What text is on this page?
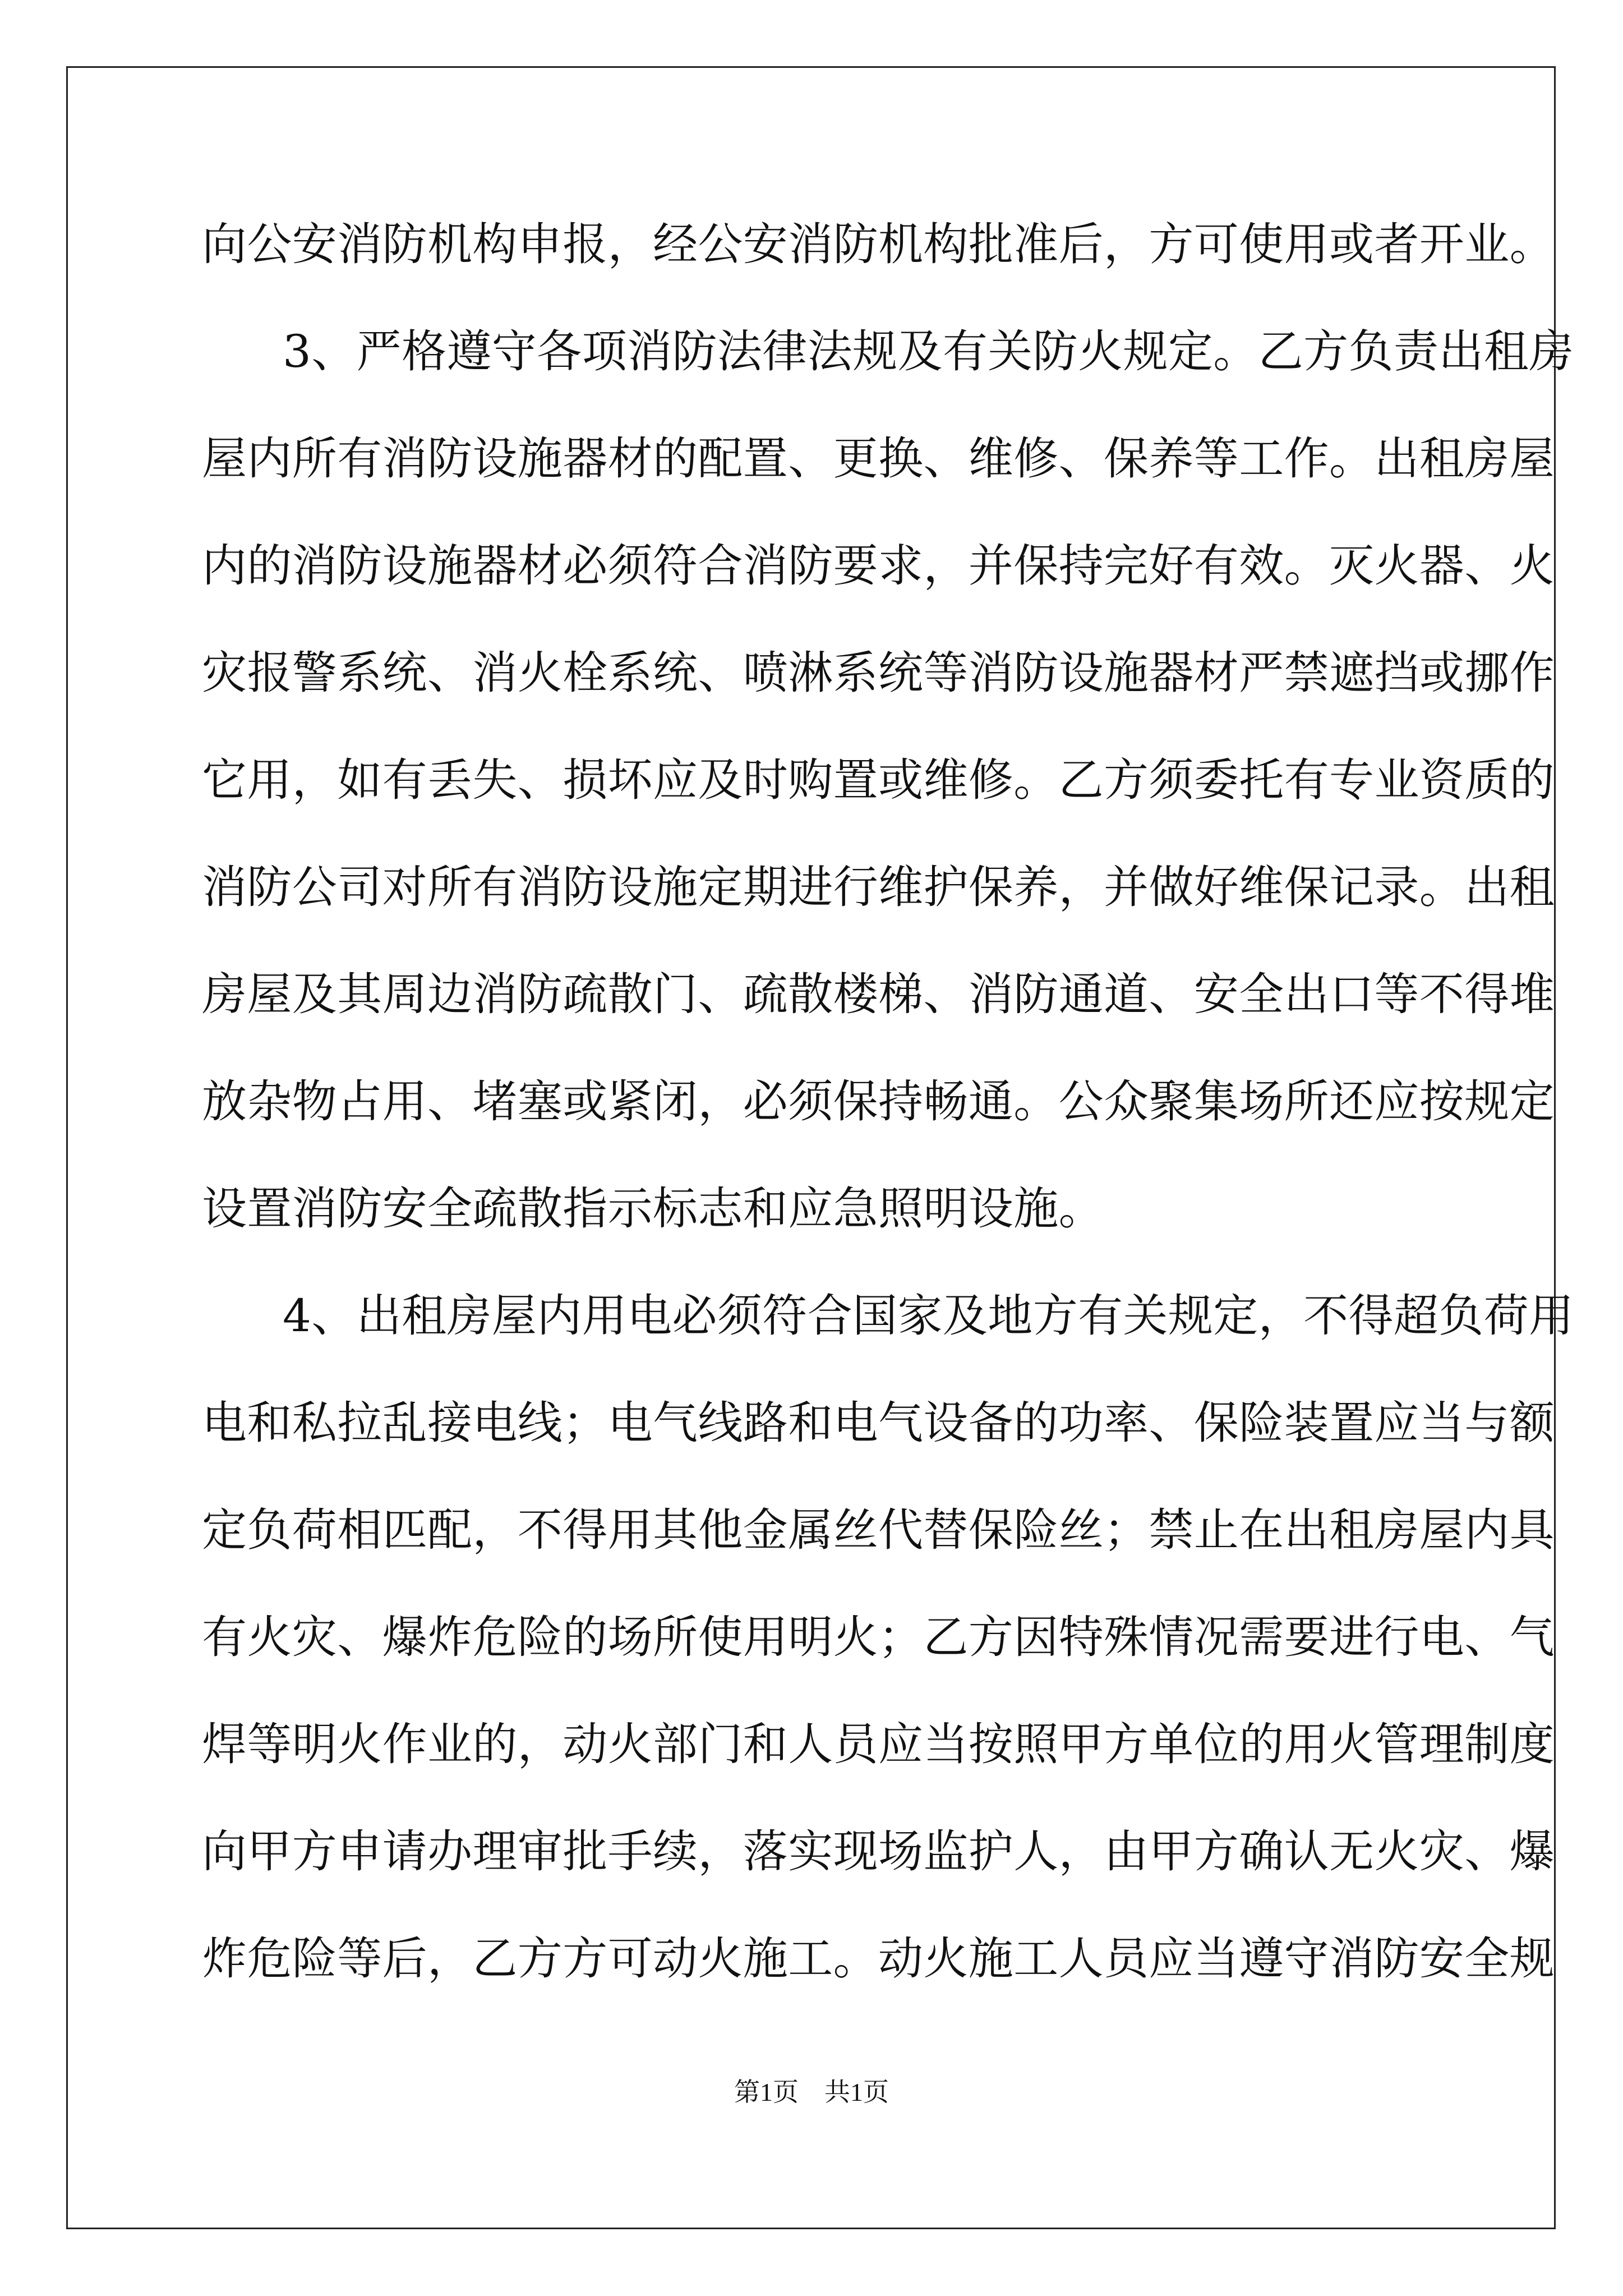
向公安消防机构申报，经公安消防机构批准后，方可使用或者开业。
3、严格遵守各项消防法律法规及有关防火规定。乙方负责出租房
屋内所有消防设施器材的配置、更换、维修、保养等工作。出租房屋
内的消防设施器材必须符合消防要求，并保持完好有效。灭火器、火
灾报警系统、消火栓系统、喷淋系统等消防设施器材严禁遮挡或挪作
它用，如有丢失、损坏应及时购置或维修。乙方须委托有专业资质的
消防公司对所有消防设施定期进行维护保养，并做好维保记录。出租
房屋及其周边消防疏散门、疏散楼梯、消防通道、安全出口等不得堆
放杂物占用、堵塞或紧闭，必须保持畅通。公众聚集场所还应按规定
设置消防安全疏散指示标志和应急照明设施。
4、出租房屋内用电必须符合国家及地方有关规定，不得超负荷用
电和私拉乱接电线；电气线路和电气设备的功率、保险装置应当与额
定负荷相匹配，不得用其他金属丝代替保险丝；禁止在出租房屋内具
有火灾、爆炸危险的场所使用明火；乙方因特殊情况需要进行电、气
焊等明火作业的，动火部门和人员应当按照甲方单位的用火管理制度
向甲方申请办理审批手续，落实现场监护人，由甲方确认无火灾、爆
炸危险等后，乙方方可动火施工。动火施工人员应当遵守消防安全规
第1页　共1页
